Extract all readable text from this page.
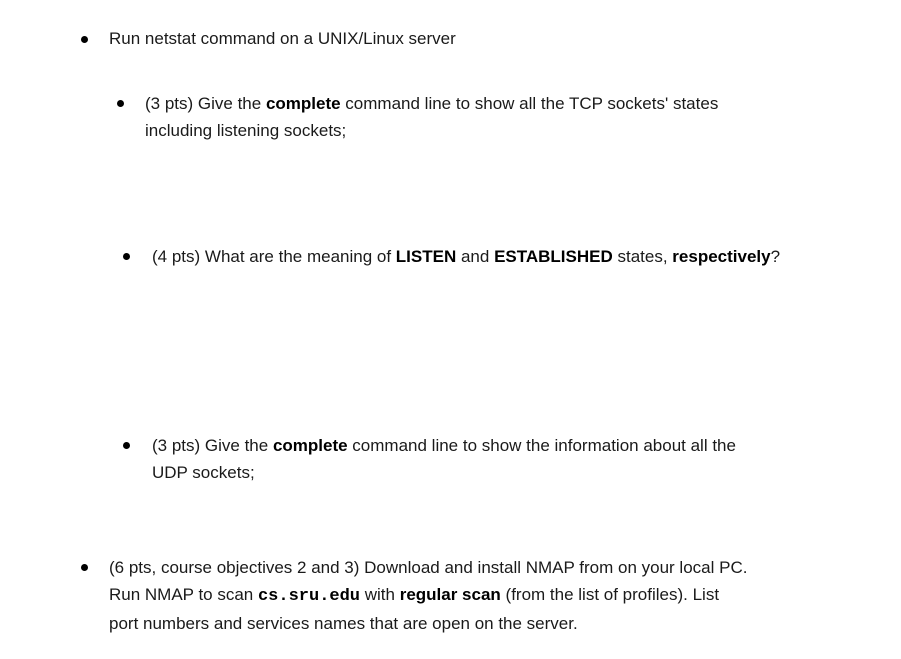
Run netstat command on a UNIX/Linux server
(3 pts) Give the complete command line to show all the TCP sockets' states
including listening sockets;
(4 pts) What are the meaning of LISTEN and ESTABLISHED states, respectively?
(3 pts) Give the complete command line to show the information about all the
UDP sockets;
(6 pts, course objectives 2 and 3) Download and install NMAP from on your local PC.
Run NMAP to scan cs.sru.edu with regular scan (from the list of profiles). List
port numbers and services names that are open on the server.
